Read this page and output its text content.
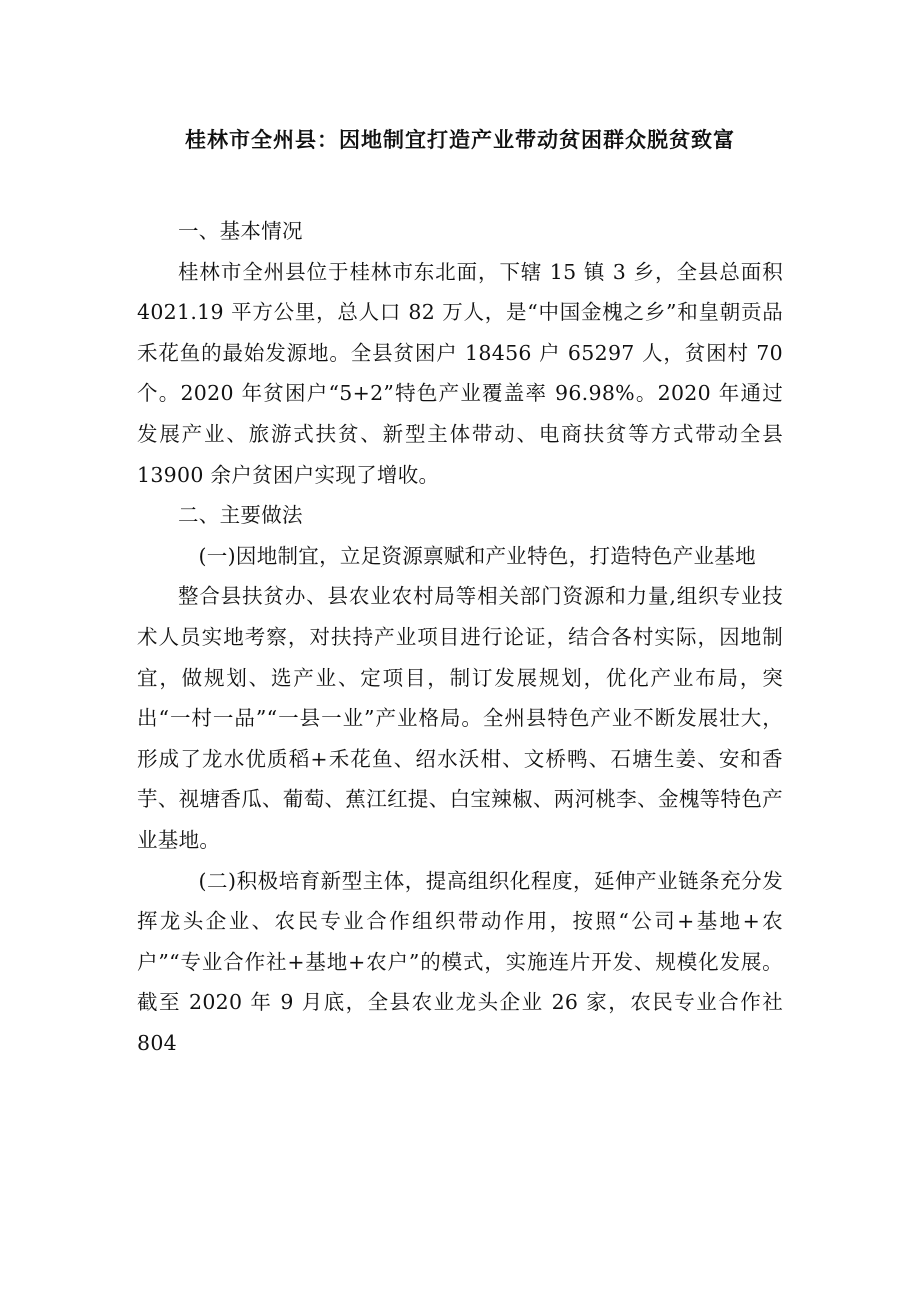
桂林市全州县：因地制宜打造产业带动贫困群众脱贫致富

一、基本情况

桂林市全州县位于桂林市东北面，下辖 15 镇 3 乡，全县总面积 4021.19 平方公里，总人口 82 万人，是“中国金槐之乡”和皇朝贡品禾花鱼的最始发源地。全县贫困户 18456 户 65297 人，贫困村 70 个。2020 年贫困户“5+2”特色产业覆盖率 96.98%。2020 年通过发展产业、旅游式扶贫、新型主体带动、电商扶贫等方式带动全县 13900 余户贫困户实现了增收。

二、主要做法

(一)因地制宜，立足资源禀赋和产业特色，打造特色产业基地

整合县扶贫办、县农业农村局等相关部门资源和力量,组织专业技术人员实地考察，对扶持产业项目进行论证，结合各村实际，因地制宜，做规划、选产业、定项目，制订发展规划，优化产业布局，突出“一村一品”“一县一业”产业格局。全州县特色产业不断发展壮大，形成了龙水优质稻+禾花鱼、绍水沃柑、文桥鸭、石塘生姜、安和香芋、视塘香瓜、葡萄、蕉江红提、白宝辣椒、两河桃李、金槐等特色产业基地。

(二)积极培育新型主体，提高组织化程度，延伸产业链条充分发挥龙头企业、农民专业合作组织带动作用，按照“公司+基地+农户”“专业合作社+基地+农户”的模式，实施连片开发、规模化发展。截至 2020 年 9 月底，全县农业龙头企业 26 家，农民专业合作社 804
